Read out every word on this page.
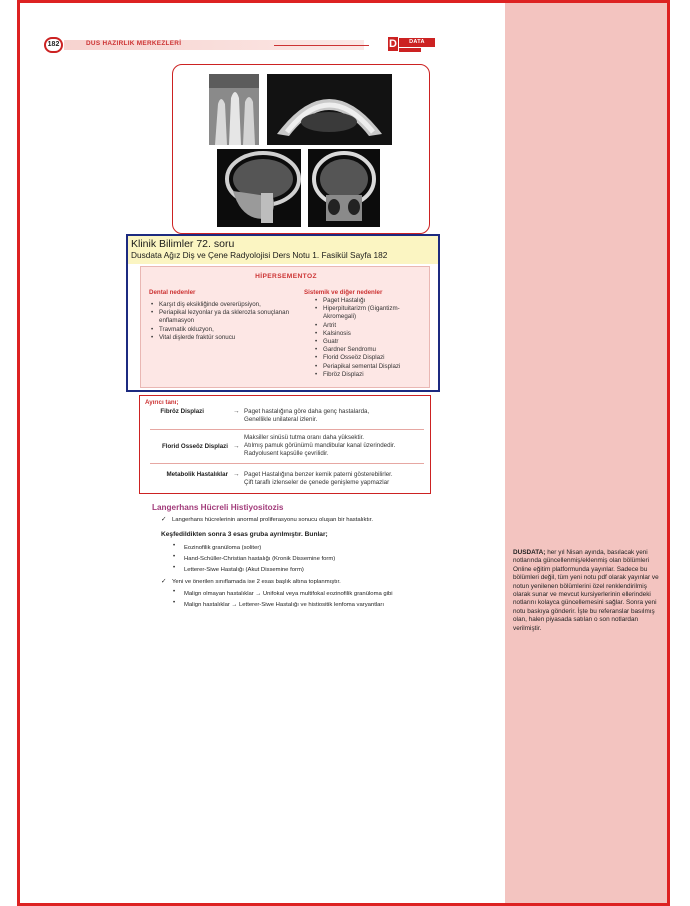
DUSDATA; her yıl Nisan ayında, basılacak yeni notlarında güncellenmiş/eklenmiş olan bölümleri Online eğitim platformunda yayınlar. Sadece bu bölümleri değil, tüm yeni notu pdf olarak yayınlar ve notun yenilenen bölümlerini özel renklendirilmiş olarak sunar ve mevcut kursiyerlerinin ellerindeki notlarını kolayca güncellemesini sağlar. Sonra yeni notu baskıya gönderir. İşte bu referanslar basılmış olan, halen piyasada satılan o son notlardan verilmiştir.

182	DUS HAZIRLIK MERKEZLERİ	D	DATA
Klinik Bilimler 72. soru
Dusdata Ağız Diş ve Çene Radyolojisi Ders Notu 1. Fasikül Sayfa 182
HİPERSEMENTOZ
Dental nedenler
• Karşıt diş eksikliğinde overerüpsiyon,
• Periapikal lezyonlar ya da sklerozla sonuçlanan enflamasyon
• Travmatik okluzyon,
• Vital dişlerde fraktür sonucu
Sistemik ve diğer nedenler
• Paget Hastalığı
• Hiperpituitarizm (Gigantizm- Akromegali)
• Artrit
• Kalsinosis
• Guatr
• Gardner Sendromu
• Florid Osseöz Displazi
• Periapikal semental Displazi
• Fibröz Displazi
Ayırıcı tanı;
Fibröz Displazi	→ Paget hastalığına göre daha genç hastalarda,
Genellikle unilateral izlenir.
Florid Osseöz Displazi →
Maksiller sinüsü tutma oranı daha yüksektir.
Atılmış pamuk görünümü mandibular kanal üzerindedir.
Radyolusent kapsülle çevrilidir.
Metabolik Hastalıklar → Paget Hastalığına benzer kemik paterni gösterebilirler.
Çift taraflı izlenseler de çenede genişleme yapmazlar
Langerhans Hücreli Histiyositozis
✓ Langerhans hücrelerinin anormal proliferasyonu sonucu oluşan bir hastalıktır.
Keşfedildikten sonra 3 esas gruba ayrılmıştır. Bunlar;
• Eozinofilik granüloma (soliter)
• Hand-Schüller-Christian hastalığı (Kronik Dissemine form)
• Letterer-Siwe Hastalığı (Akut Dissemine form)
✓ Yeni ve önerilen sınıflamada ise 2 esas başlık altına toplanmıştır.
• Malign olmayan hastalıklar → Unifokal veya multifokal eozinofilik granüloma gibi
• Malign hastalıklar → Letterer-Siwe Hastalığı ve histiositik lenfoma varyantları
